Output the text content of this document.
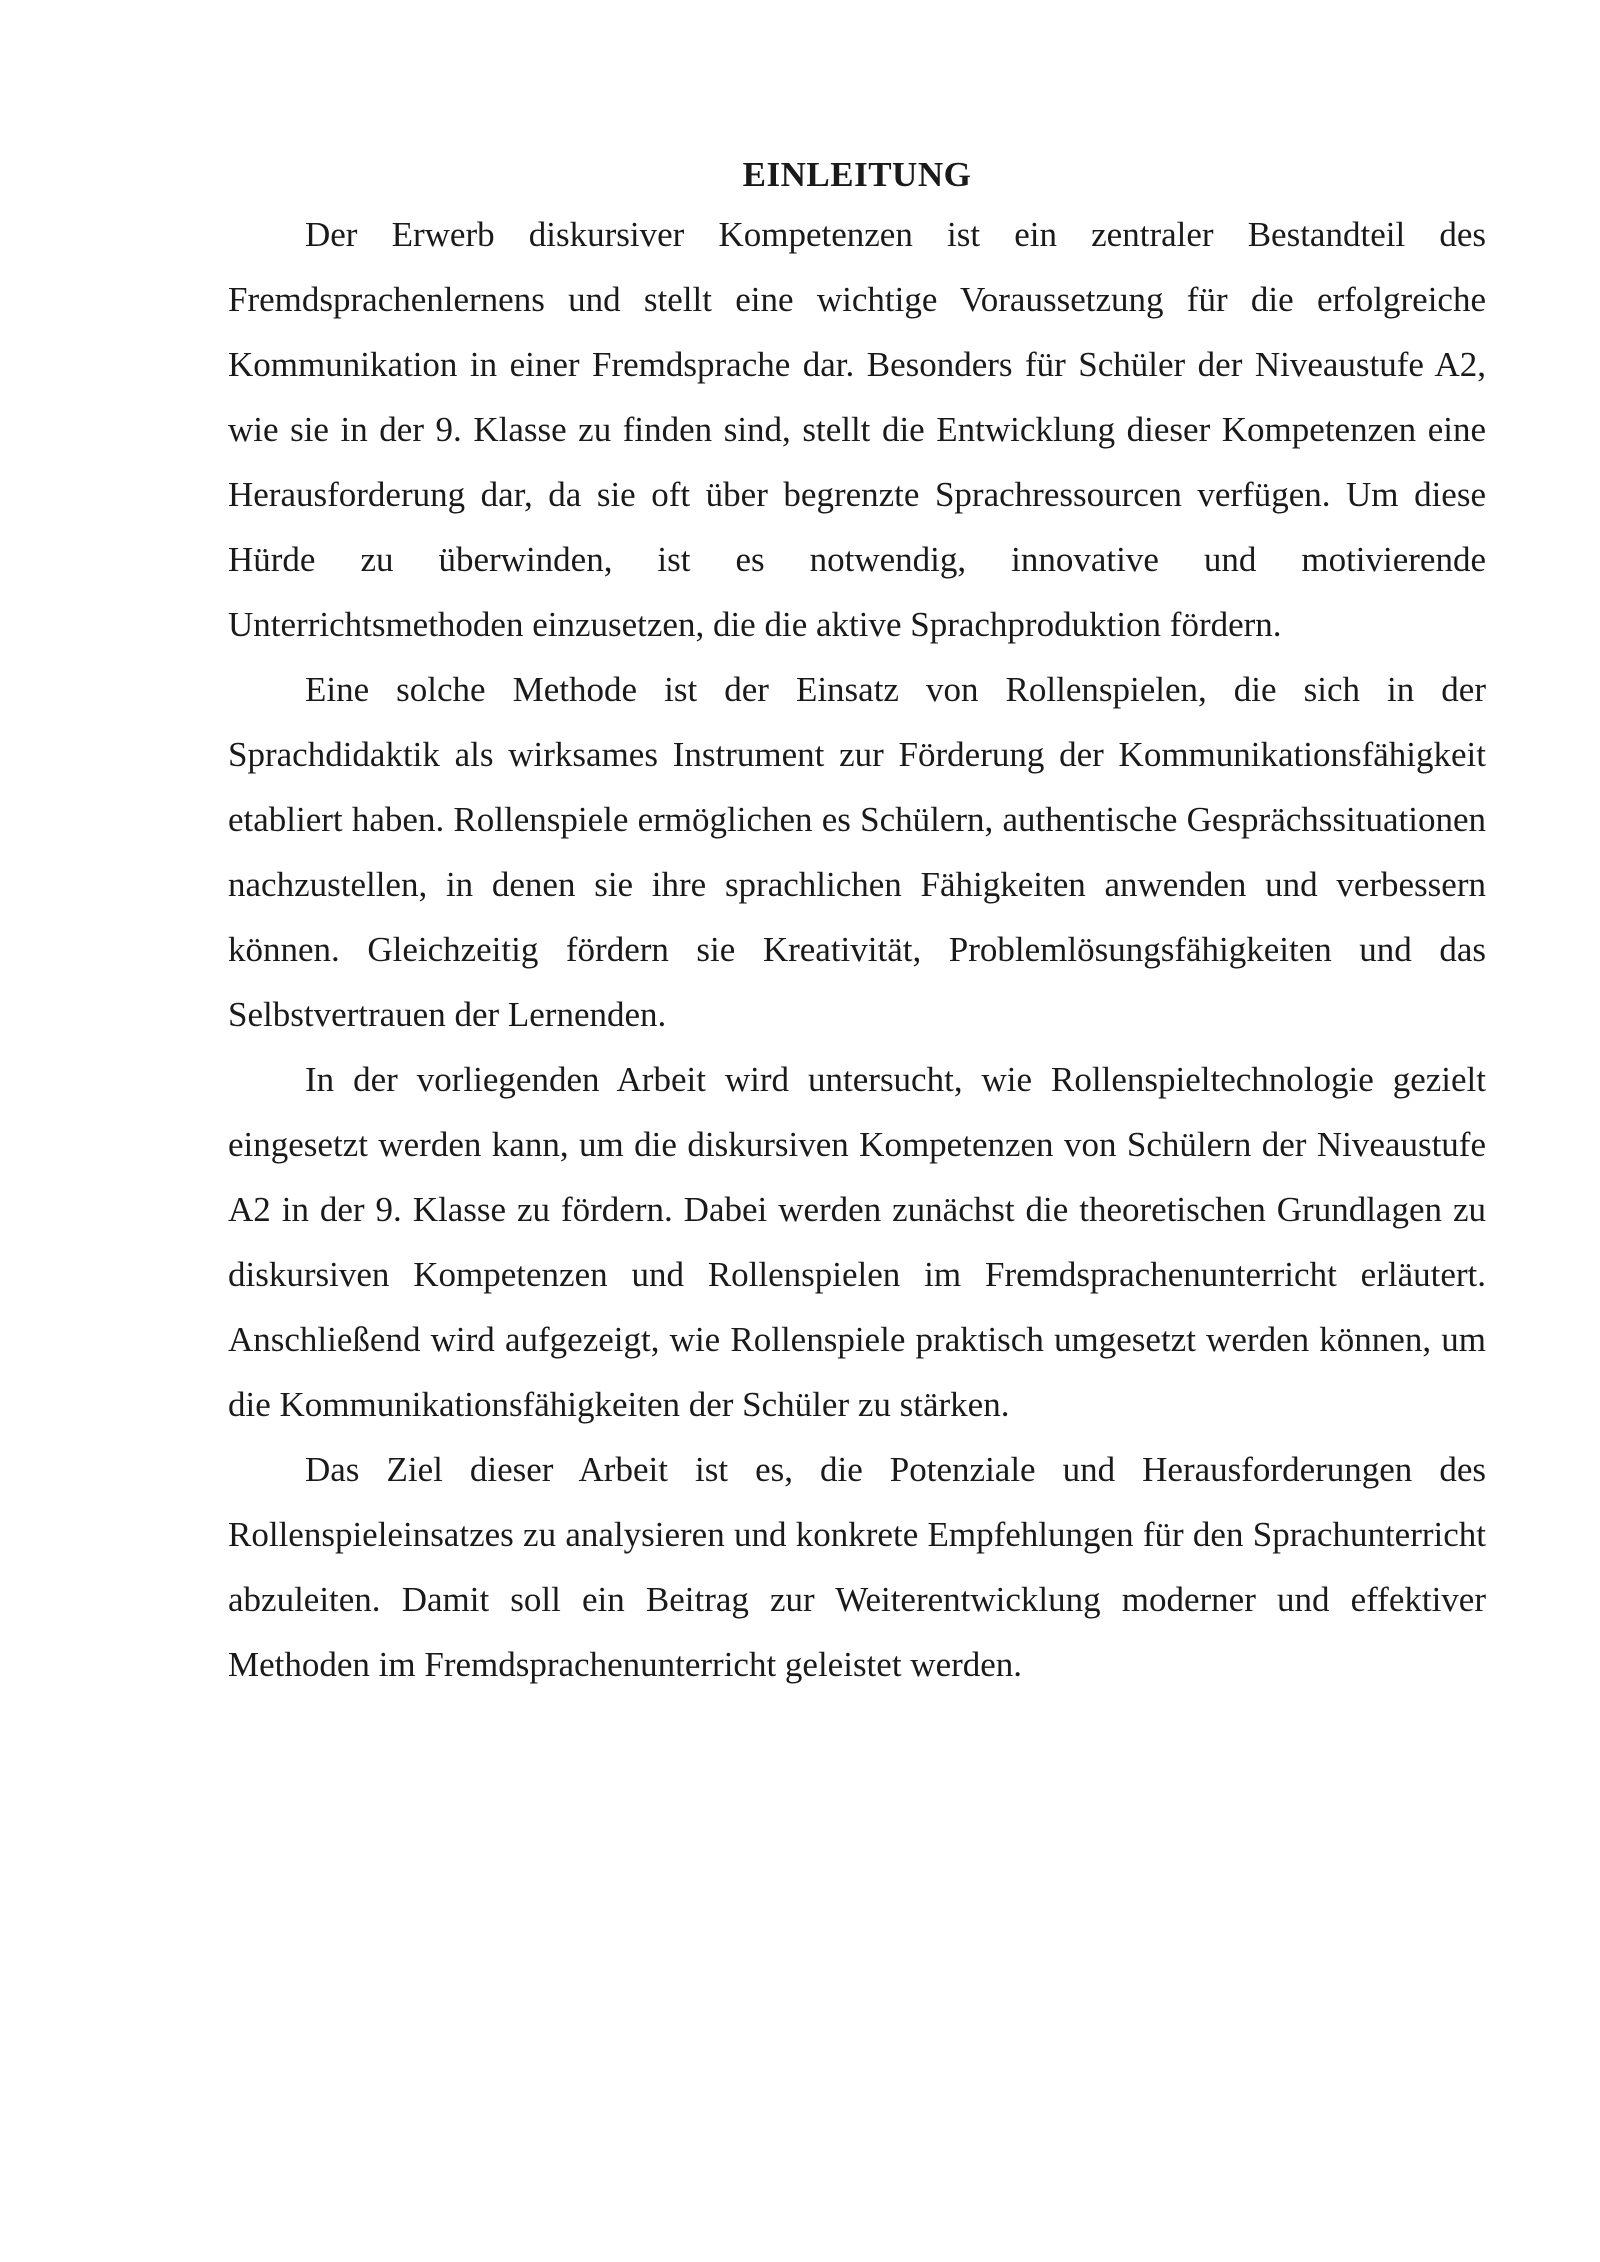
EINLEITUNG

Der Erwerb diskursiver Kompetenzen ist ein zentraler Bestandteil des Fremdsprachenlernens und stellt eine wichtige Voraussetzung für die erfolgreiche Kommunikation in einer Fremdsprache dar. Besonders für Schüler der Niveaustufe A2, wie sie in der 9. Klasse zu finden sind, stellt die Entwicklung dieser Kompetenzen eine Herausforderung dar, da sie oft über begrenzte Sprachressourcen verfügen. Um diese Hürde zu überwinden, ist es notwendig, innovative und motivierende Unterrichtsmethoden einzusetzen, die die aktive Sprachproduktion fördern.

Eine solche Methode ist der Einsatz von Rollenspielen, die sich in der Sprachdidaktik als wirksames Instrument zur Förderung der Kommunikationsfähigkeit etabliert haben. Rollenspiele ermöglichen es Schülern, authentische Gesprächssituationen nachzustellen, in denen sie ihre sprachlichen Fähigkeiten anwenden und verbessern können. Gleichzeitig fördern sie Kreativität, Problemlösungsfähigkeiten und das Selbstvertrauen der Lernenden.

In der vorliegenden Arbeit wird untersucht, wie Rollenspieltechnologie gezielt eingesetzt werden kann, um die diskursiven Kompetenzen von Schülern der Niveaustufe A2 in der 9. Klasse zu fördern. Dabei werden zunächst die theoretischen Grundlagen zu diskursiven Kompetenzen und Rollenspielen im Fremdsprachenunterricht erläutert. Anschließend wird aufgezeigt, wie Rollenspiele praktisch umgesetzt werden können, um die Kommunikationsfähigkeiten der Schüler zu stärken.

Das Ziel dieser Arbeit ist es, die Potenziale und Herausforderungen des Rollenspieleinsatzes zu analysieren und konkrete Empfehlungen für den Sprachunterricht abzuleiten. Damit soll ein Beitrag zur Weiterentwicklung moderner und effektiver Methoden im Fremdsprachenunterricht geleistet werden.
